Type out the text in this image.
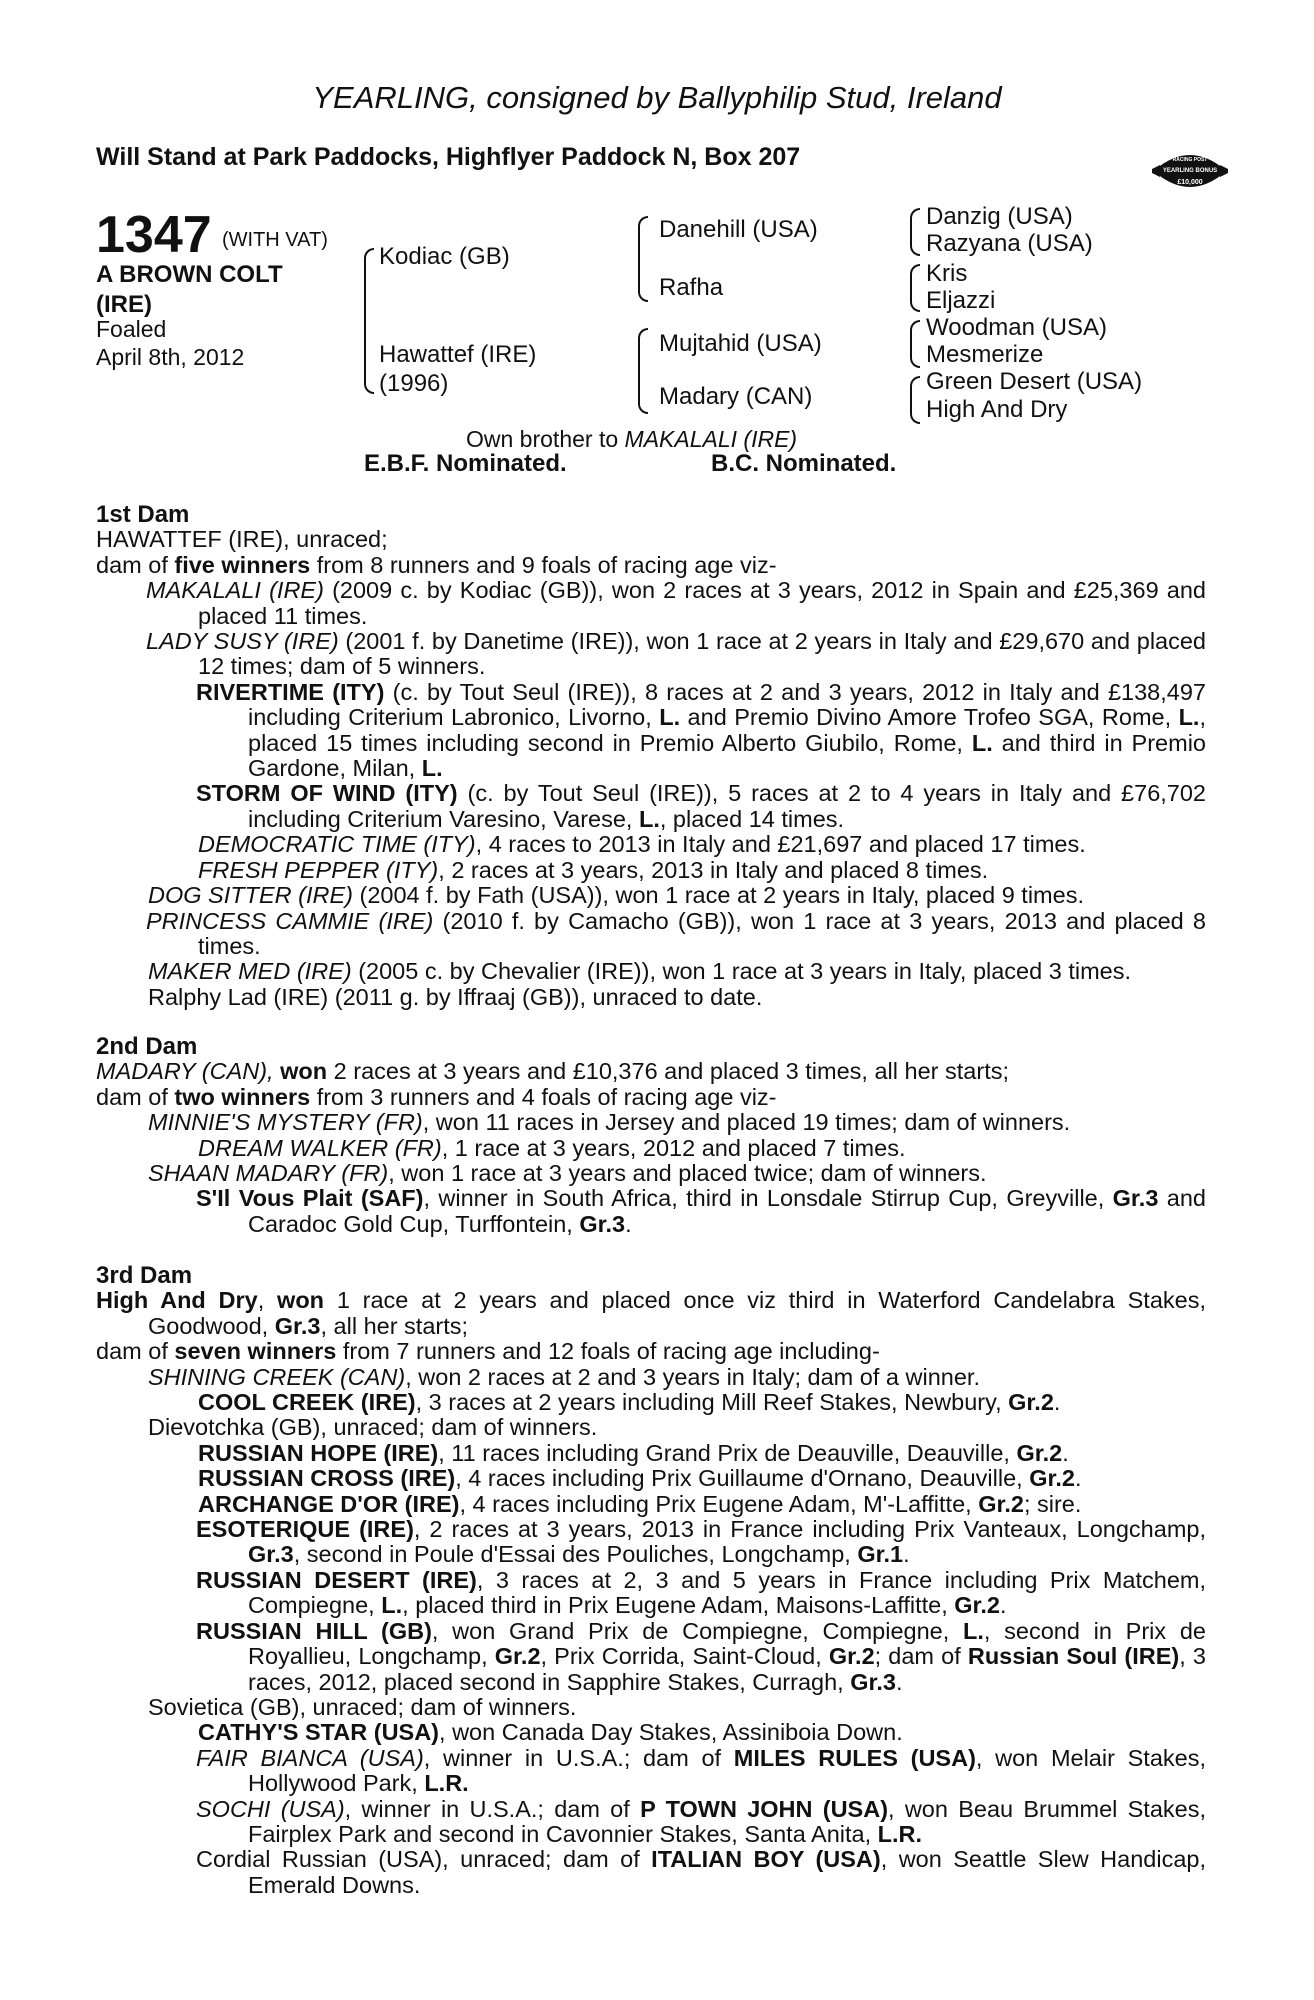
YEARLING, consigned by Ballyphilip Stud, Ireland
Will Stand at Park Paddocks, Highflyer Paddock N, Box 207	RACING POST
YEARLING BONUS
£10,000
1347 (WITH VAT)
A BROWN COLT
(IRE)
Foaled
April 8th, 2012
Kodiac (GB)
Hawattef (IRE)
(1996)
Danehill (USA)
Rafha
Mujtahid (USA)
Madary (CAN)
Danzig (USA)
Razyana (USA)
Kris
Eljazzi
Woodman (USA)
Mesmerize
Green Desert (USA)
High And Dry
Own brother to MAKALALI (IRE)
E.B.F. Nominated.	B.C. Nominated.

1st Dam

HAWATTEF (IRE), unraced;

dam of five winners from 8 runners and 9 foals of racing age viz-

MAKALALI (IRE) (2009 c. by Kodiac (GB)), won 2 races at 3 years, 2012 in Spain and £25,369 and placed 11 times.

LADY SUSY (IRE) (2001 f. by Danetime (IRE)), won 1 race at 2 years in Italy and £29,670 and placed 12 times; dam of 5 winners.

RIVERTIME (ITY) (c. by Tout Seul (IRE)), 8 races at 2 and 3 years, 2012 in Italy and £138,497 including Criterium Labronico, Livorno, L. and Premio Divino Amore Trofeo SGA, Rome, L., placed 15 times including second in Premio Alberto Giubilo, Rome, L. and third in Premio Gardone, Milan, L.

STORM OF WIND (ITY) (c. by Tout Seul (IRE)), 5 races at 2 to 4 years in Italy and £76,702 including Criterium Varesino, Varese, L., placed 14 times.

DEMOCRATIC TIME (ITY), 4 races to 2013 in Italy and £21,697 and placed 17 times.

FRESH PEPPER (ITY), 2 races at 3 years, 2013 in Italy and placed 8 times.

DOG SITTER (IRE) (2004 f. by Fath (USA)), won 1 race at 2 years in Italy, placed 9 times.

PRINCESS CAMMIE (IRE) (2010 f. by Camacho (GB)), won 1 race at 3 years, 2013 and placed 8 times.

MAKER MED (IRE) (2005 c. by Chevalier (IRE)), won 1 race at 3 years in Italy, placed 3 times.

Ralphy Lad (IRE) (2011 g. by Iffraaj (GB)), unraced to date.

2nd Dam

MADARY (CAN), won 2 races at 3 years and £10,376 and placed 3 times, all her starts;

dam of two winners from 3 runners and 4 foals of racing age viz-

MINNIE'S MYSTERY (FR), won 11 races in Jersey and placed 19 times; dam of winners.

DREAM WALKER (FR), 1 race at 3 years, 2012 and placed 7 times.

SHAAN MADARY (FR), won 1 race at 3 years and placed twice; dam of winners.

S'Il Vous Plait (SAF), winner in South Africa, third in Lonsdale Stirrup Cup, Greyville, Gr.3 and Caradoc Gold Cup, Turffontein, Gr.3.

3rd Dam

High And Dry, won 1 race at 2 years and placed once viz third in Waterford Candelabra Stakes, Goodwood, Gr.3, all her starts;

dam of seven winners from 7 runners and 12 foals of racing age including-

SHINING CREEK (CAN), won 2 races at 2 and 3 years in Italy; dam of a winner.

COOL CREEK (IRE), 3 races at 2 years including Mill Reef Stakes, Newbury, Gr.2.

Dievotchka (GB), unraced; dam of winners.

RUSSIAN HOPE (IRE), 11 races including Grand Prix de Deauville, Deauville, Gr.2.

RUSSIAN CROSS (IRE), 4 races including Prix Guillaume d'Ornano, Deauville, Gr.2.

ARCHANGE D'OR (IRE), 4 races including Prix Eugene Adam, M'-Laffitte, Gr.2; sire.

ESOTERIQUE (IRE), 2 races at 3 years, 2013 in France including Prix Vanteaux, Longchamp, Gr.3, second in Poule d'Essai des Pouliches, Longchamp, Gr.1.

RUSSIAN DESERT (IRE), 3 races at 2, 3 and 5 years in France including Prix Matchem, Compiegne, L., placed third in Prix Eugene Adam, Maisons-Laffitte, Gr.2.

RUSSIAN HILL (GB), won Grand Prix de Compiegne, Compiegne, L., second in Prix de Royallieu, Longchamp, Gr.2, Prix Corrida, Saint-Cloud, Gr.2; dam of Russian Soul (IRE), 3 races, 2012, placed second in Sapphire Stakes, Curragh, Gr.3.

Sovietica (GB), unraced; dam of winners.

CATHY'S STAR (USA), won Canada Day Stakes, Assiniboia Down.

FAIR BIANCA (USA), winner in U.S.A.; dam of MILES RULES (USA), won Melair Stakes, Hollywood Park, L.R.

SOCHI (USA), winner in U.S.A.; dam of P TOWN JOHN (USA), won Beau Brummel Stakes, Fairplex Park and second in Cavonnier Stakes, Santa Anita, L.R.

Cordial Russian (USA), unraced; dam of ITALIAN BOY (USA), won Seattle Slew Handicap, Emerald Downs.
